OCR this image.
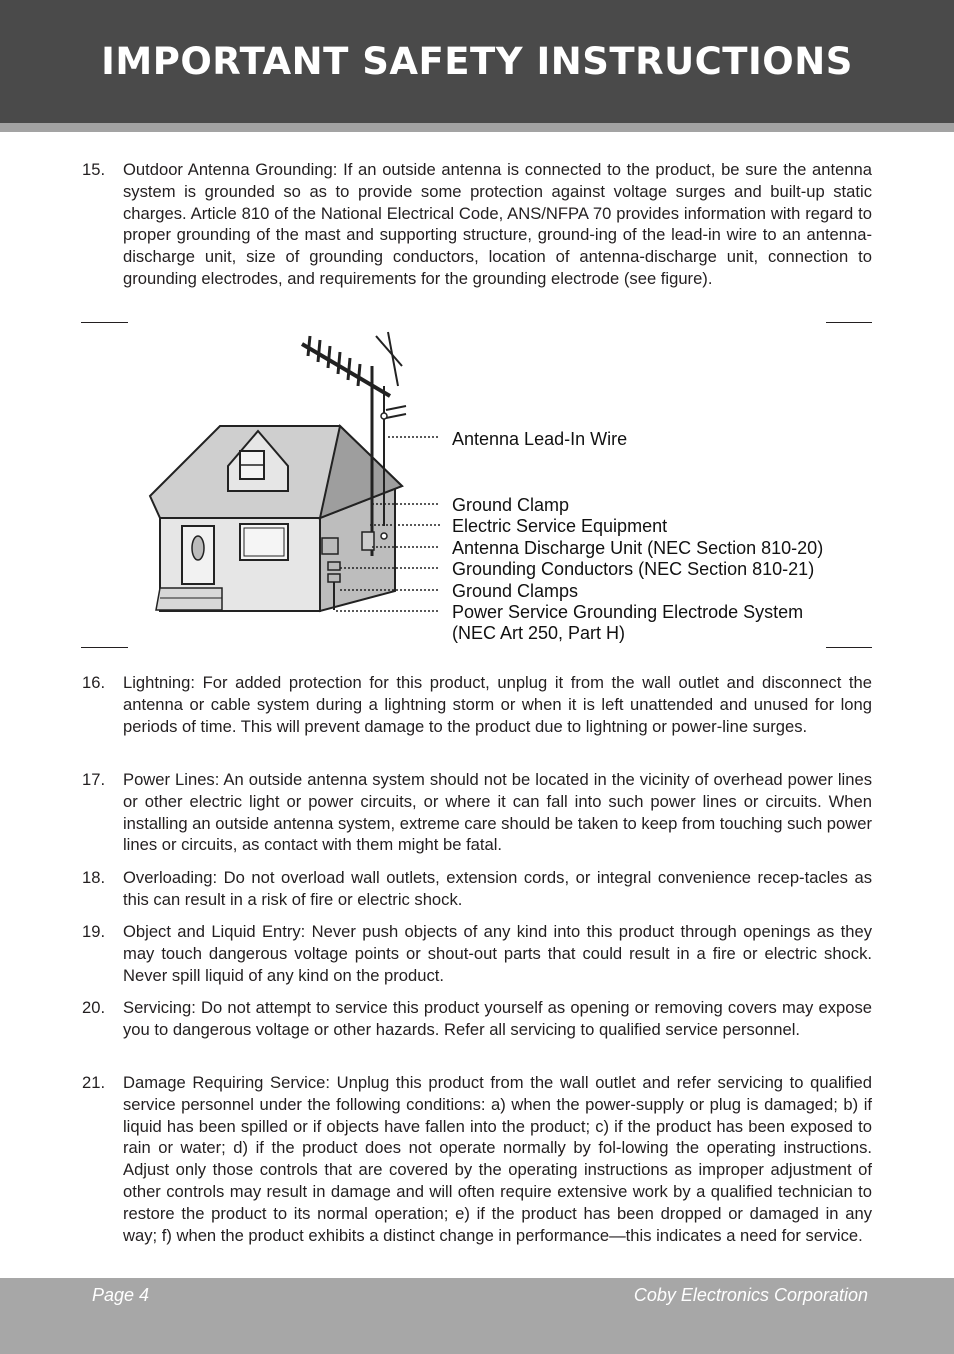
IMPORTANT SAFETY INSTRUCTIONS
15. Outdoor Antenna Grounding: If an outside antenna is connected to the product, be sure the antenna system is grounded so as to provide some protection against voltage surges and built-up static charges. Article 810 of the National Electrical Code, ANS/NFPA 70 provides information with regard to proper grounding of the mast and supporting structure, ground-ing of the lead-in wire to an antenna-discharge unit, size of grounding conductors, location of antenna-discharge unit, connection to grounding electrodes, and requirements for the grounding electrode (see figure).
Antenna Lead-In Wire
Ground Clamp
Electric Service Equipment
Antenna Discharge Unit (NEC Section 810-20)
Grounding Conductors (NEC Section 810-21)
Ground Clamps
Power Service Grounding Electrode System
(NEC Art 250, Part H)
16. Lightning: For added protection for this product, unplug it from the wall outlet and disconnect the antenna or cable system during a lightning storm or when it is left unattended and unused for long periods of time. This will prevent damage to the product due to lightning or power-line surges.
17. Power Lines: An outside antenna system should not be located in the vicinity of overhead power lines or other electric light or power circuits, or where it can fall into such power lines or circuits. When installing an outside antenna system, extreme care should be taken to keep from touching such power lines or circuits, as contact with them might be fatal.
18. Overloading: Do not overload wall outlets, extension cords, or integral convenience recep-tacles as this can result in a risk of fire or electric shock.
19. Object and Liquid Entry: Never push objects of any kind into this product through openings as they may touch dangerous voltage points or shout-out parts that could result in a fire or electric shock. Never spill liquid of any kind on the product.
20. Servicing: Do not attempt to service this product yourself as opening or removing covers may expose you to dangerous voltage or other hazards. Refer all servicing to qualified service personnel.
21. Damage Requiring Service: Unplug this product from the wall outlet and refer servicing to qualified service personnel under the following conditions: a) when the power-supply or plug is damaged; b) if liquid has been spilled or if objects have fallen into the product; c) if the product has been exposed to rain or water; d) if the product does not operate normally by fol-lowing the operating instructions. Adjust only those controls that are covered by the operating instructions as improper adjustment of other controls may result in damage and will often require extensive work by a qualified technician to restore the product to its normal operation; e) if the product has been dropped or damaged in any way; f) when the product exhibits a distinct change in performance—this indicates a need for service.
Page 4	Coby Electronics Corporation
